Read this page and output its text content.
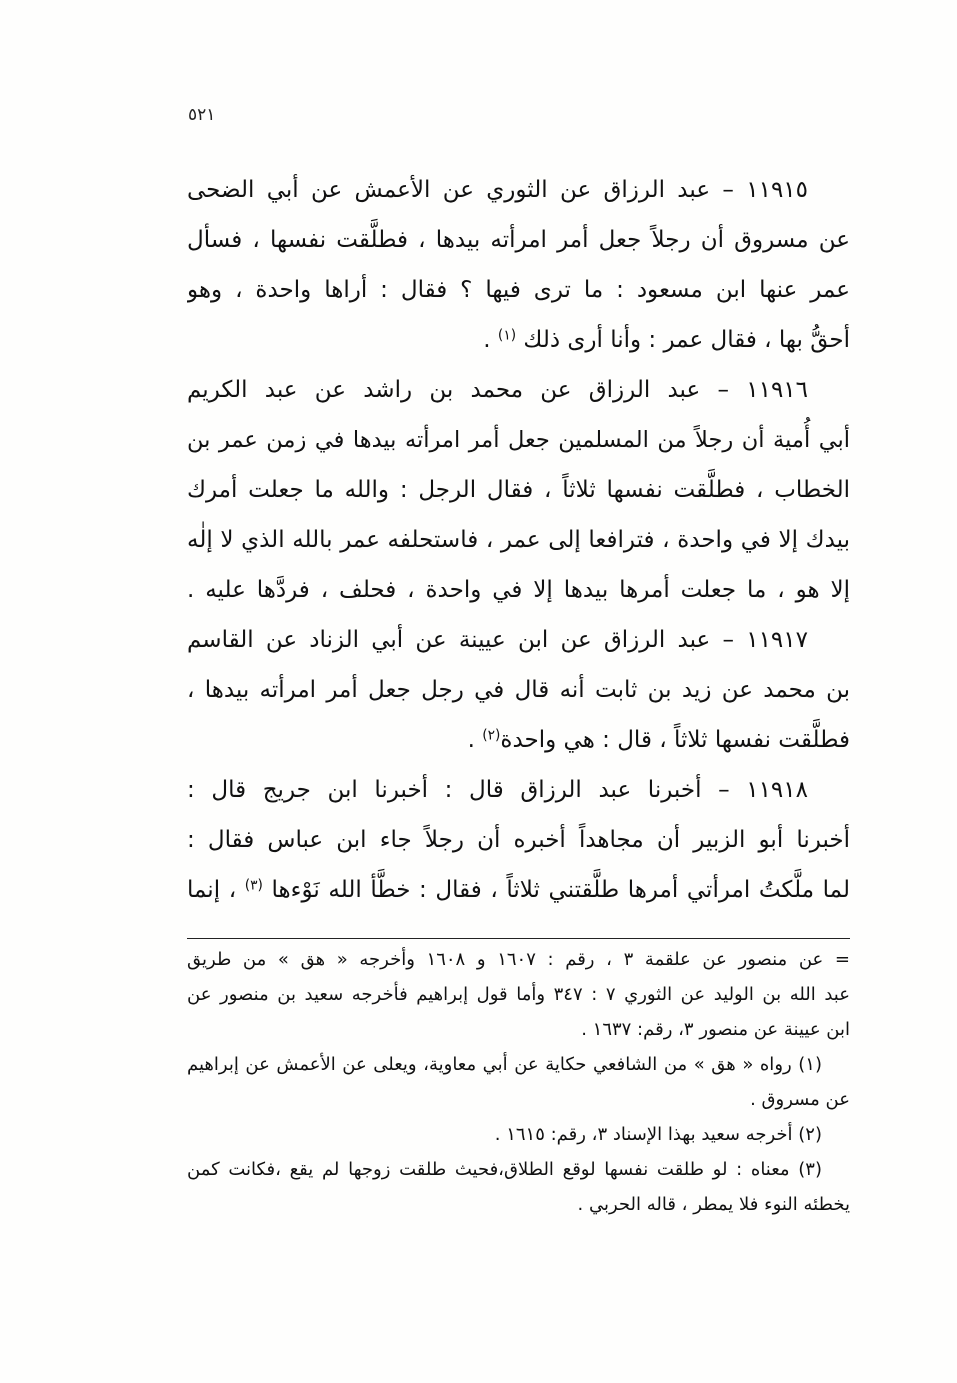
٥٢١
١١٩١٥ – عبد الرزاق عن الثوري عن الأعمش عن أبي الضحى
عن مسروق أن رجلاً جعل أمر امرأته بيدها ، فطلَّقت نفسها ، فسأل
عمر عنها ابن مسعود : ما ترى فيها ؟ فقال : أراها واحدة ، وهو
أحقُّ بها ، فقال عمر : وأنا أرى ذلك $^{(١)}$ .
١١٩١٦ – عبد الرزاق عن محمد بن راشد عن عبد الكريم
أبي أُمية أن رجلاً من المسلمين جعل أمر امرأته بيدها في زمن عمر بن
الخطاب ، فطلَّقت نفسها ثلاثاً ، فقال الرجل : والله ما جعلت أمرك
بيدك إلا في واحدة ، فترافعا إلى عمر ، فاستحلفه عمر بالله الذي لا إلٰه
إلا هو ، ما جعلت أمرها بيدها إلا في واحدة ، فحلف ، فردَّها عليه .
١١٩١٧ – عبد الرزاق عن ابن عيينة عن أبي الزناد عن القاسم
بن محمد عن زيد بن ثابت أنه قال في رجل جعل أمر امرأته بيدها ،
فطلَّقت نفسها ثلاثاً ، قال : هي واحدة$^{(٢)}$ .
١١٩١٨ – أخبرنا عبد الرزاق قال : أخبرنا ابن جريج قال :
أخبرنا أبو الزبير أن مجاهداً أخبره أن رجلاً جاء ابن عباس فقال :
لما ملَّكتُ امرأتي أمرها طلَّقتني ثلاثاً ، فقال : خطَّأ الله نَوْءها $^{(٣)}$ ، إنما
= عن منصور عن علقمة ٣ ، رقم : ١٦٠٧ و ١٦٠٨ وأخرجه « هق » من طريق
عبد الله بن الوليد عن الثوري ٧ : ٣٤٧ وأما قول إبراهيم فأخرجه سعيد بن منصور عن
ابن عيينة عن منصور ٣، رقم: ١٦٣٧ .
(١) رواه « هق » من الشافعي حكاية عن أبي معاوية، ويعلى عن الأعمش عن إبراهيم
عن مسروق .
(٢) أخرجه سعيد بهذا الإسناد ٣، رقم: ١٦١٥ .
(٣) معناه : لو طلقت نفسها لوقع الطلاق،فحيث طلقت زوجها لم يقع ،فكانت كمن
يخطئه النوء فلا يمطر ، قاله الحربي .
